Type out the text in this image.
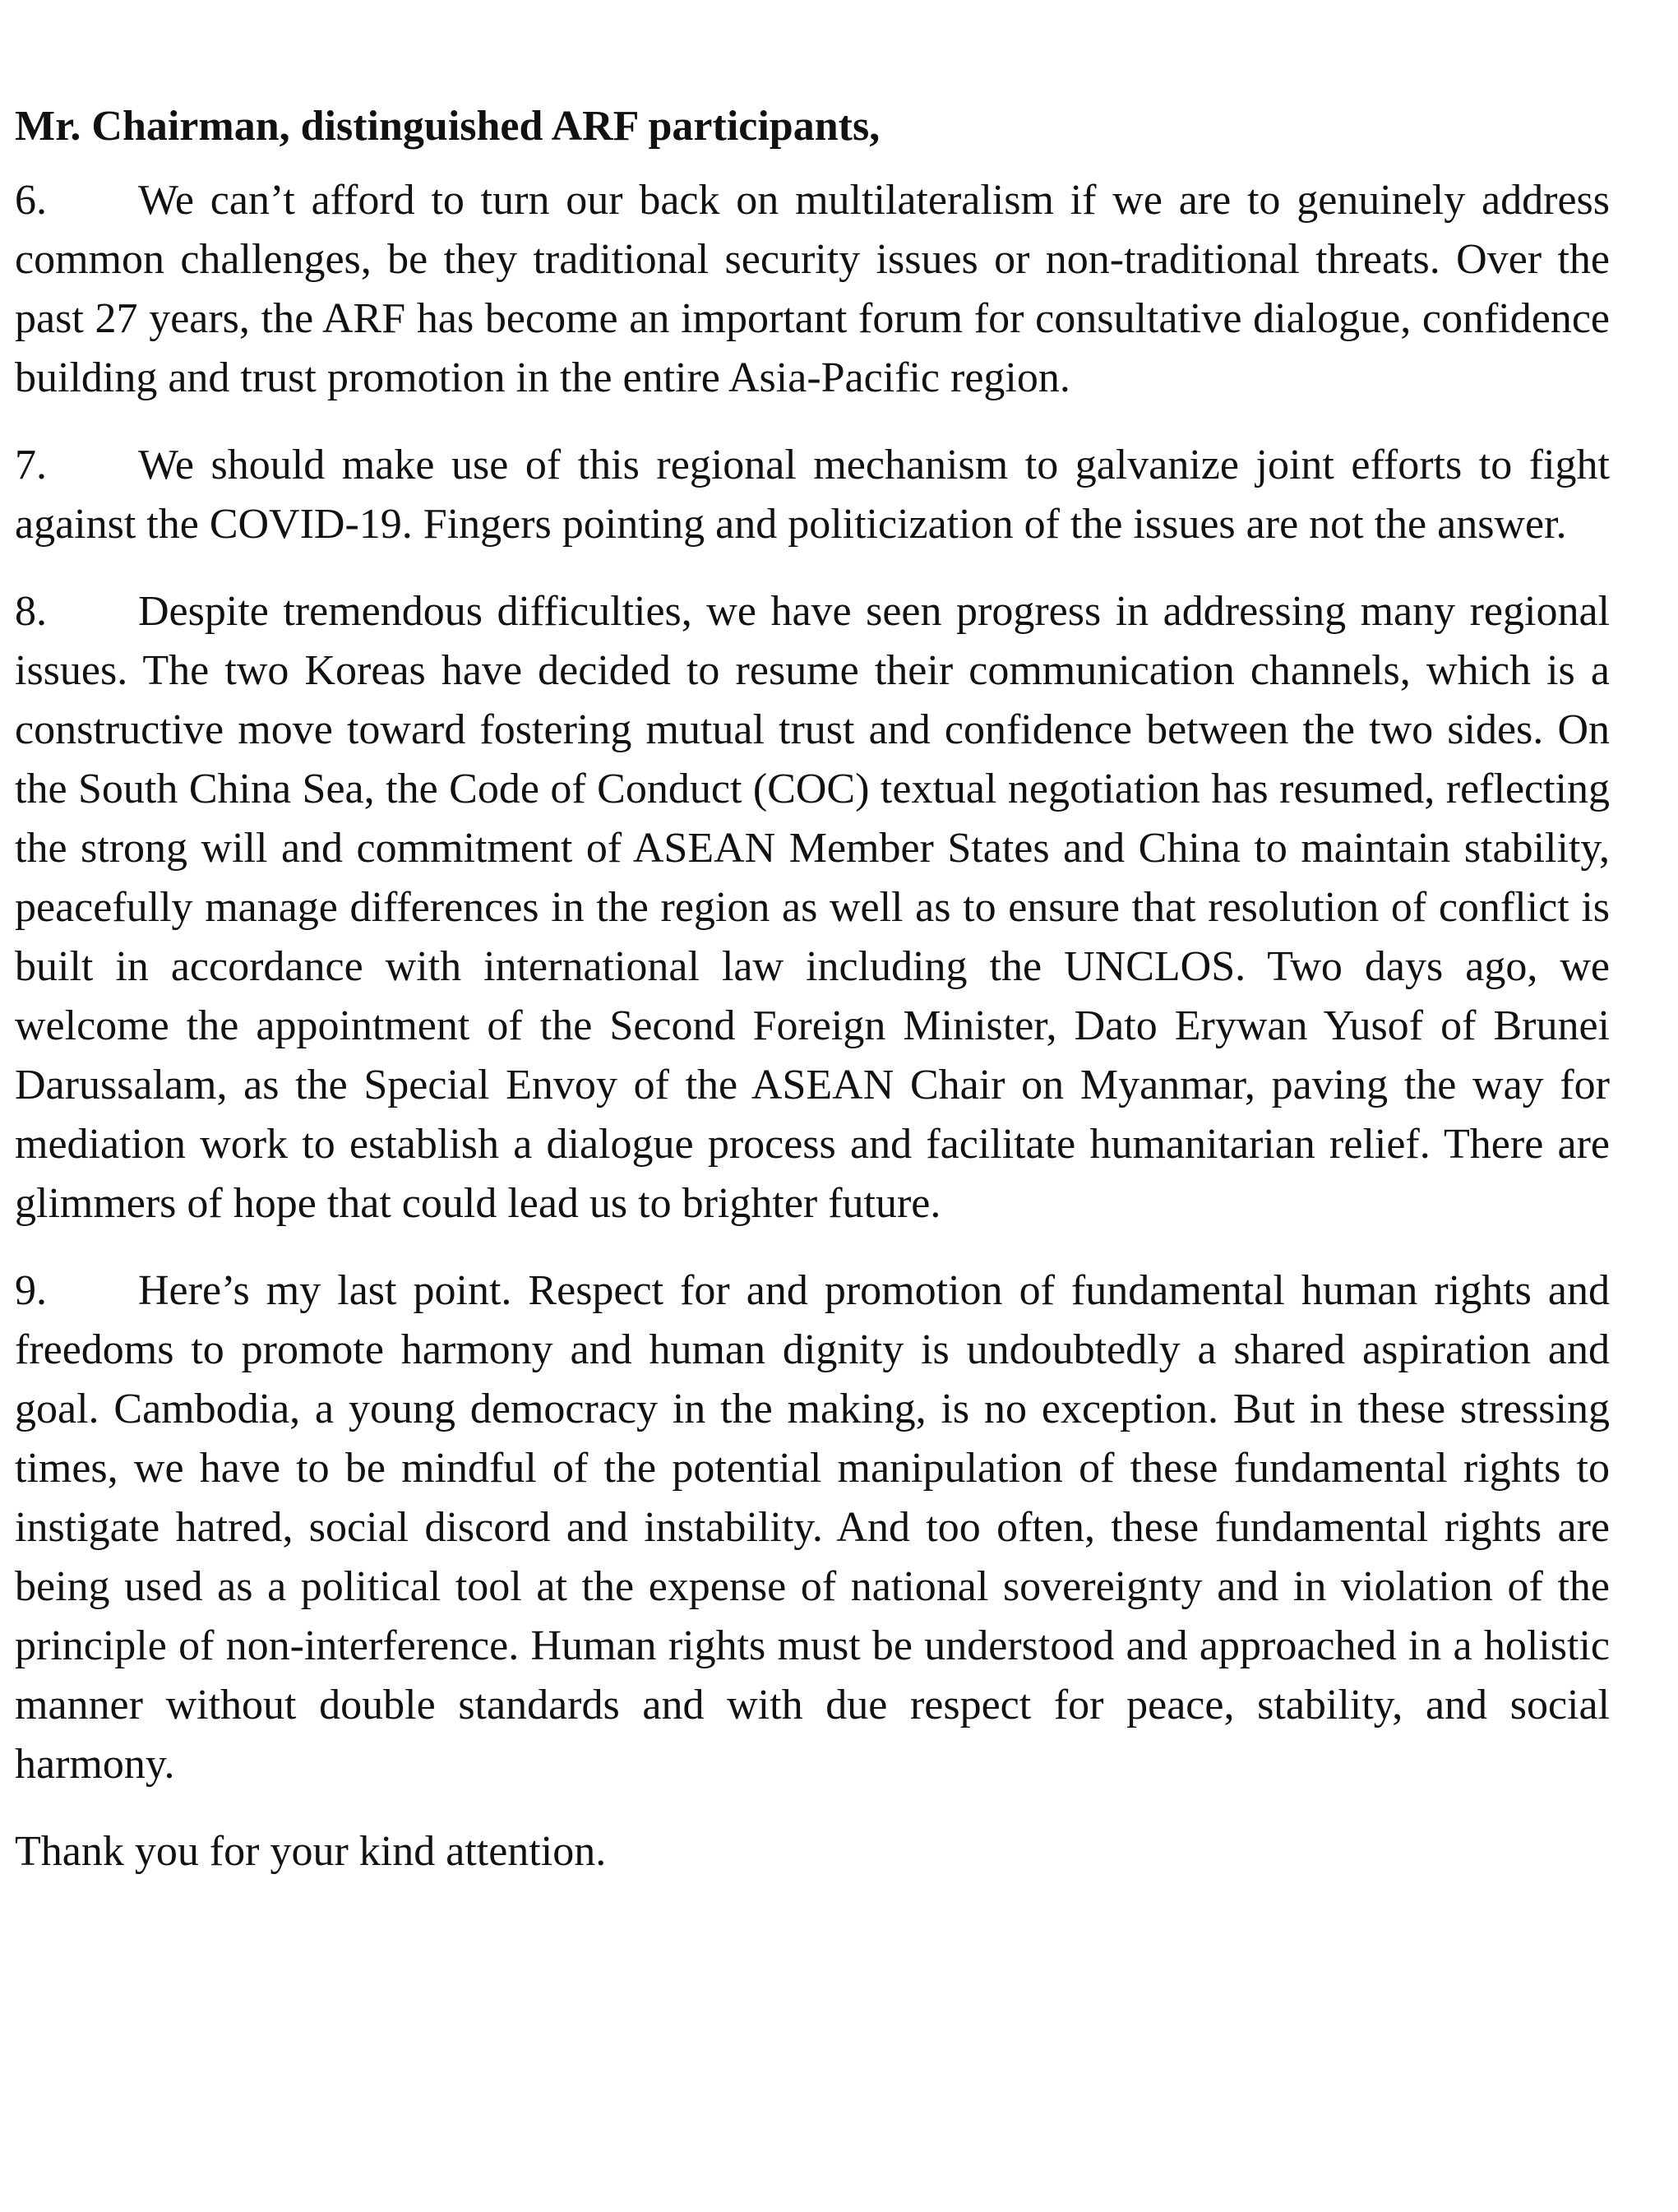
Mr. Chairman, distinguished ARF participants,

6. We can’t afford to turn our back on multilateralism if we are to genuinely address common challenges, be they traditional security issues or non-traditional threats. Over the past 27 years, the ARF has become an important forum for consultative dialogue, confidence building and trust promotion in the entire Asia-Pacific region.

7. We should make use of this regional mechanism to galvanize joint efforts to fight against the COVID-19. Fingers pointing and politicization of the issues are not the answer.

8. Despite tremendous difficulties, we have seen progress in addressing many regional issues. The two Koreas have decided to resume their communication channels, which is a constructive move toward fostering mutual trust and confidence between the two sides. On the South China Sea, the Code of Conduct (COC) textual negotiation has resumed, reflecting the strong will and commitment of ASEAN Member States and China to maintain stability, peacefully manage differences in the region as well as to ensure that resolution of conflict is built in accordance with international law including the UNCLOS. Two days ago, we welcome the appointment of the Second Foreign Minister, Dato Erywan Yusof of Brunei Darussalam, as the Special Envoy of the ASEAN Chair on Myanmar, paving the way for mediation work to establish a dialogue process and facilitate humanitarian relief. There are glimmers of hope that could lead us to brighter future.

9. Here’s my last point. Respect for and promotion of fundamental human rights and freedoms to promote harmony and human dignity is undoubtedly a shared aspiration and goal. Cambodia, a young democracy in the making, is no exception. But in these stressing times, we have to be mindful of the potential manipulation of these fundamental rights to instigate hatred, social discord and instability. And too often, these fundamental rights are being used as a political tool at the expense of national sovereignty and in violation of the principle of non-interference. Human rights must be understood and approached in a holistic manner without double standards and with due respect for peace, stability, and social harmony.

Thank you for your kind attention.
